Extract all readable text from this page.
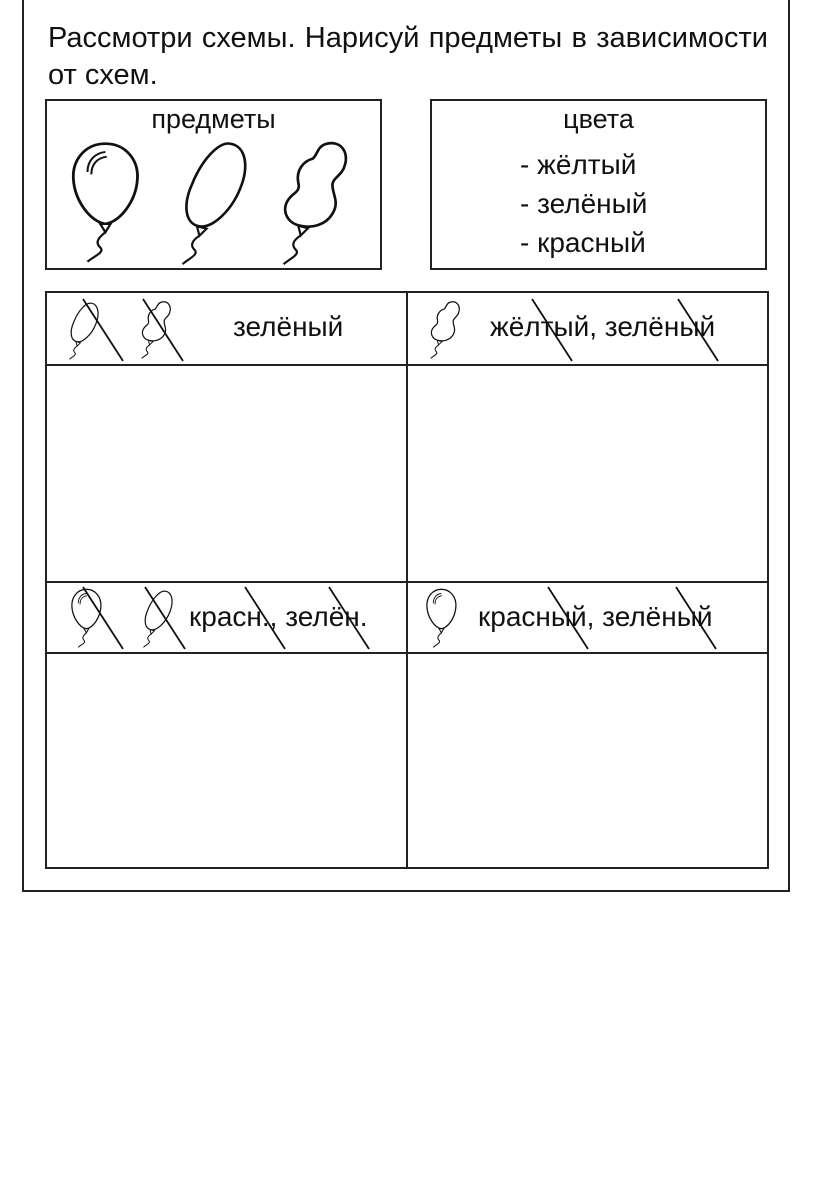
Рассмотри схемы. Нарисуй предметы в зависимости от схем.
предметы	цвета
- жёлтый
- зелёный
- красный
зелёный	жёлтый, зелёный
красн., зелён.	красный, зелёный
